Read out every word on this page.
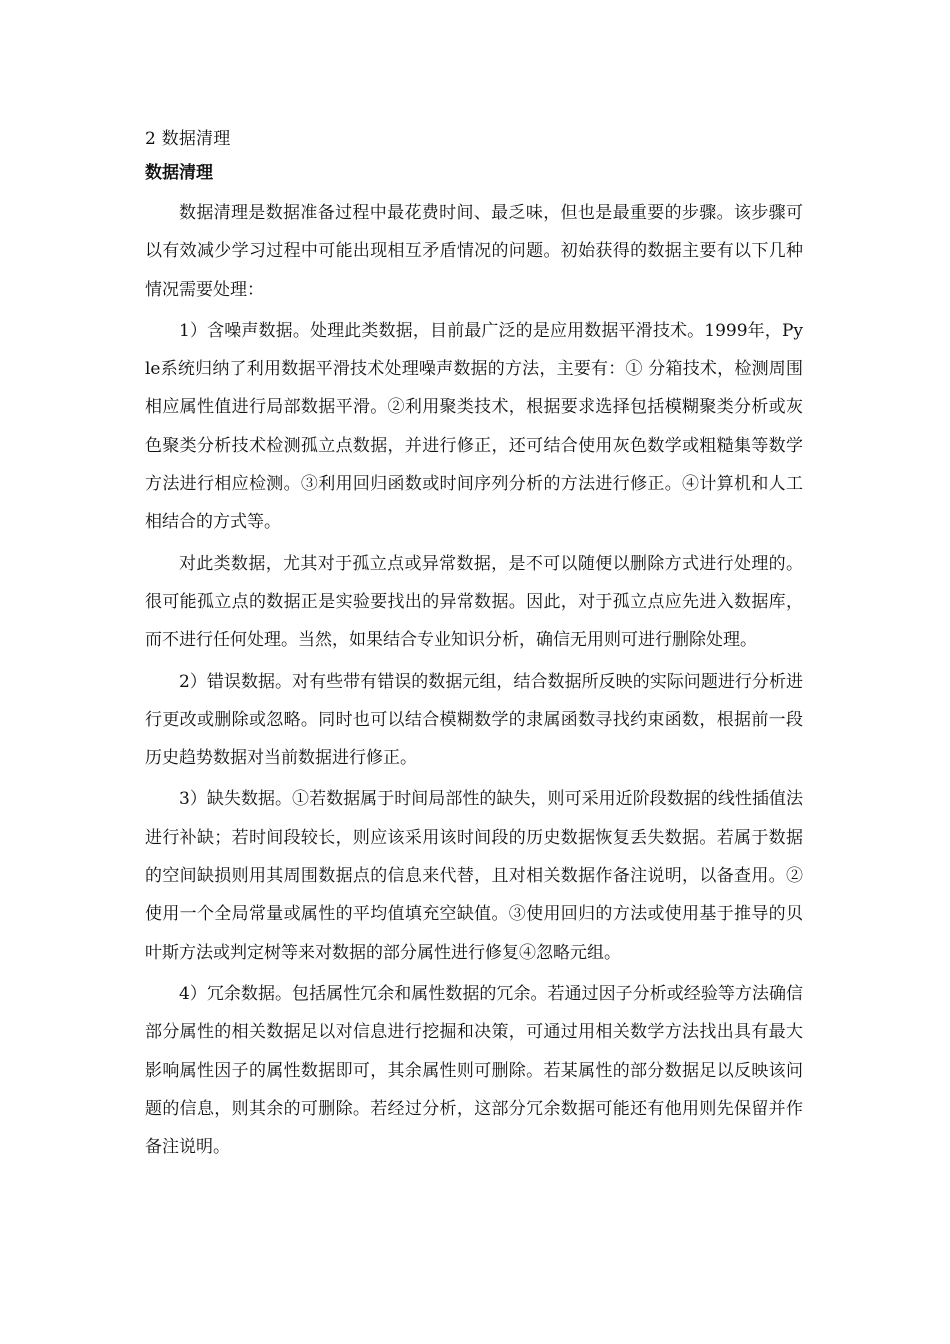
2 数据清理

数据清理

数据清理是数据准备过程中最花费时间、最乏味，但也是最重要的步骤。该步骤可以有效减少学习过程中可能出现相互矛盾情况的问题。初始获得的数据主要有以下几种情况需要处理：

1）含噪声数据。处理此类数据，目前最广泛的是应用数据平滑技术。1999年，Pyle系统归纳了利用数据平滑技术处理噪声数据的方法，主要有：① 分箱技术，检测周围相应属性值进行局部数据平滑。②利用聚类技术，根据要求选择包括模糊聚类分析或灰色聚类分析技术检测孤立点数据，并进行修正，还可结合使用灰色数学或粗糙集等数学方法进行相应检测。③利用回归函数或时间序列分析的方法进行修正。④计算机和人工相结合的方式等。

对此类数据，尤其对于孤立点或异常数据，是不可以随便以删除方式进行处理的。很可能孤立点的数据正是实验要找出的异常数据。因此，对于孤立点应先进入数据库，而不进行任何处理。当然，如果结合专业知识分析，确信无用则可进行删除处理。

2）错误数据。对有些带有错误的数据元组，结合数据所反映的实际问题进行分析进行更改或删除或忽略。同时也可以结合模糊数学的隶属函数寻找约束函数，根据前一段历史趋势数据对当前数据进行修正。

3）缺失数据。①若数据属于时间局部性的缺失，则可采用近阶段数据的线性插值法进行补缺；若时间段较长，则应该采用该时间段的历史数据恢复丢失数据。若属于数据的空间缺损则用其周围数据点的信息来代替，且对相关数据作备注说明，以备查用。②使用一个全局常量或属性的平均值填充空缺值。③使用回归的方法或使用基于推导的贝叶斯方法或判定树等来对数据的部分属性进行修复④忽略元组。

4）冗余数据。包括属性冗余和属性数据的冗余。若通过因子分析或经验等方法确信部分属性的相关数据足以对信息进行挖掘和决策，可通过用相关数学方法找出具有最大影响属性因子的属性数据即可，其余属性则可删除。若某属性的部分数据足以反映该问题的信息，则其余的可删除。若经过分析，这部分冗余数据可能还有他用则先保留并作备注说明。
